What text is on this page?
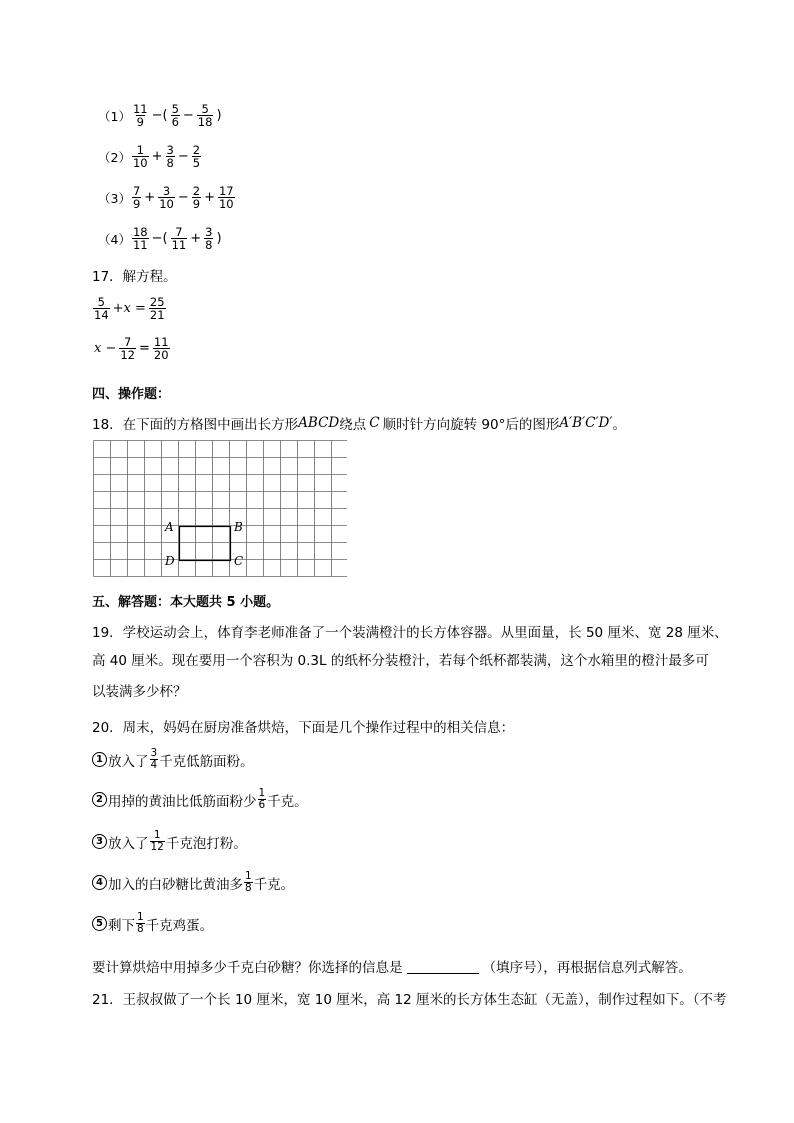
$(1) \frac{11}{9}$ −( $\frac{5}{6} - \frac{5}{18}$ )
$(2) \frac{1}{10} + \frac{3}{8} - \frac{2}{5}$
$(3) \frac{7}{9} + \frac{3}{10} - \frac{2}{9} + \frac{17}{10}$
$(4) \frac{18}{11}$ −( $\frac{7}{11} + \frac{3}{8}$ )
17．解方程。
$\frac{5}{14} +x = \frac{25}{21}$
$x - \frac{7}{12} = \frac{11}{20}$
四、操作题：
18．在下面的方格图中画出长方形 ABCD 绕点 C 顺时针方向旋转 90°后的图形 A′B′C′D′ 。
A	B
C
D
五、解答题：本大题共 5 小题。
19．学校运动会上，体育李老师准备了一个装满橙汁的长方体容器。从里面量，长 50 厘米、宽 28 厘米、
高 40 厘米。现在要用一个容积为 0.3L 的纸杯分装橙汁，若每个纸杯都装满，这个水箱里的橙汁最多可
以装满多少杯？
20．周末，妈妈在厨房准备烘焙，下面是几个操作过程中的相关信息：
1 放入了 $\frac{3}{4}$ 千克低筋面粉。
2 用掉的黄油比低筋面粉少 $\frac{1}{6}$ 千克。
3 放入了 $\frac{1}{12}$ 千克泡打粉。
4 加入的白砂糖比黄油多 $\frac{1}{8}$ 千克。
5 剩下 $\frac{1}{8}$ 千克鸡蛋。
要计算烘焙中用掉多少千克白砂糖？你选择的信息是	（填序号），再根据信息列式解答。
21．王叔叔做了一个长 10 厘米，宽 10 厘米，高 12 厘米的长方体生态缸（无盖），制作过程如下。（不考
